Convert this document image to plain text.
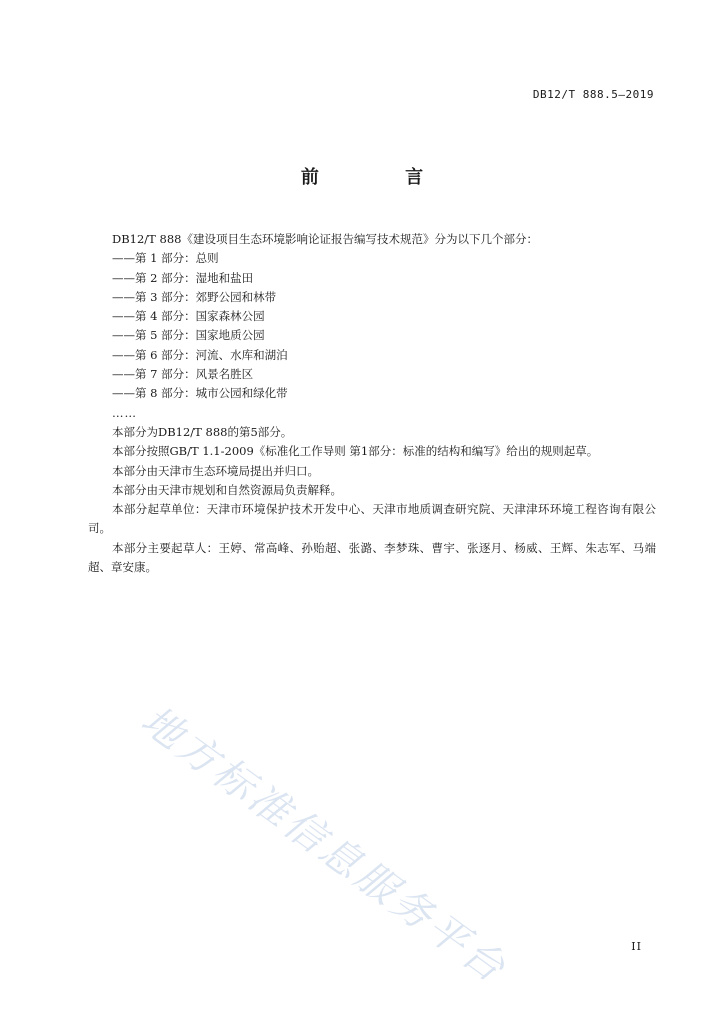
DB12/T 888.5—2019
前 言

DB12/T 888《建设项目生态环境影响论证报告编写技术规范》分为以下几个部分：

——第 1 部分：总则
——第 2 部分：湿地和盐田
——第 3 部分：郊野公园和林带
——第 4 部分：国家森林公园
——第 5 部分：国家地质公园
——第 6 部分：河流、水库和湖泊
——第 7 部分：风景名胜区
——第 8 部分：城市公园和绿化带
……

本部分为DB12/T 888的第5部分。

本部分按照GB/T 1.1-2009《标准化工作导则 第1部分：标准的结构和编写》给出的规则起草。

本部分由天津市生态环境局提出并归口。

本部分由天津市规划和自然资源局负责解释。

本部分起草单位：天津市环境保护技术开发中心、天津市地质调查研究院、天津津环环境工程咨询有限公司。

本部分主要起草人：王婷、常高峰、孙贻超、张潞、李梦珠、曹宇、张逐月、杨威、王辉、朱志军、马端超、章安康。

地方标准信息服务平台	II
